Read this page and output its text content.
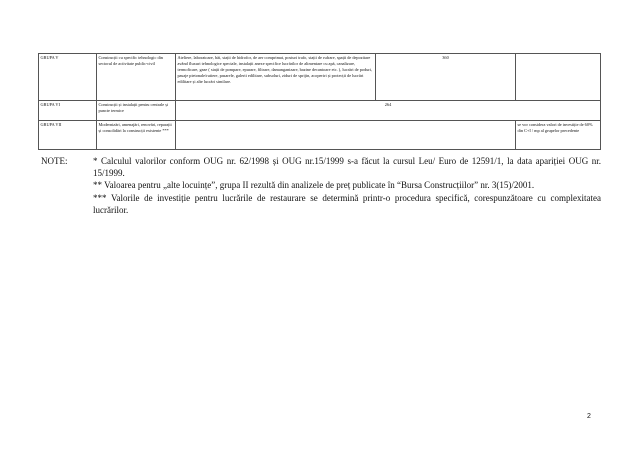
GRUPA V	Construcții cu specific tehnologic din sectorul de activitate public-civil	Ateliere, laboratoare, băi, stații de hidrofor, de aer comprimat, posturi trafo, stații de rufrare, spații de depozitare având fluxuri tehnologice speciale, instalații anexe specifice lucrărilor de alimentare cu apă, canalizare, termoficare, gaze ( stații de pompare, epurare, filtrare, damanganizare, bazine decantoare etc. ), lucrări de poduri, pasaje pietonale/rutiere, pasarele, galerii edilitare, subsoluri, ziduri de sprijin, acoperiri și protecții de lucrări edilitare și alte lucrări similare.	360	
GRUPA VI	Construcții și instalații pentru centrale și puncte termice	264		
GRUPA VII	Modernizări, amenajări, renovări, reparații și consolidări la construcții existente ***			se vor considera valori de investiție de 60% din C+I / mp al grupelor precedente
NOTE:	* Calculul valorilor conform OUG nr. 62/1998 și OUG nr.15/1999 s-a făcut la cursul Leu/ Euro de 12591/1, la data apariției OUG nr. 15/1999.

** Valoarea pentru „alte locuințe”, grupa II rezultă din analizele de preț publicate în “Bursa Construcțiilor” nr. 3(15)/2001.

*** Valorile de investiție pentru lucrările de restaurare se determină printr-o procedura specifică, corespunzătoare cu complexitatea lucrărilor.

2
